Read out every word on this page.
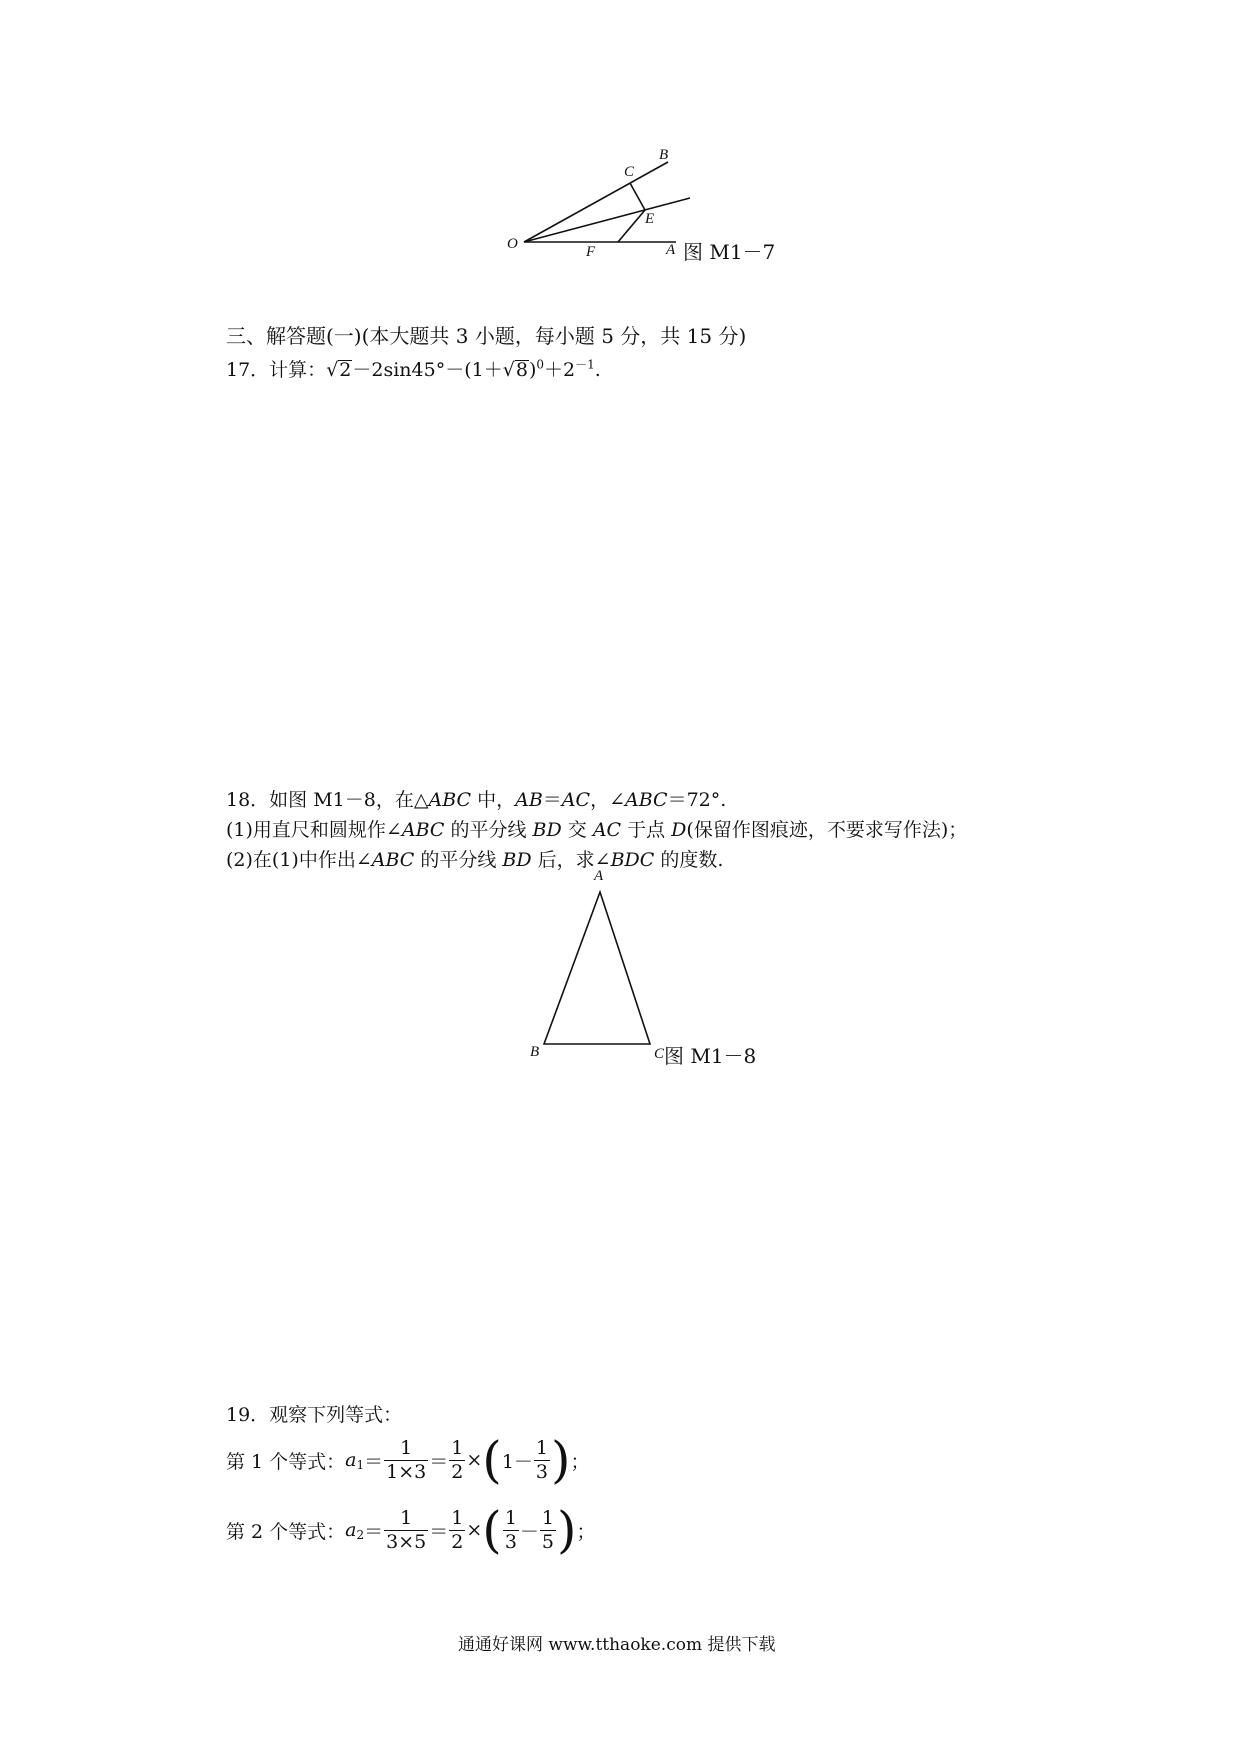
B
C
E
O	F	A 图 M1－7
三、解答题(一)(本大题共 3 小题，每小题 5 分，共 15 分)
17．计算：$√2-2\sin 45^\circ-(1+√8)^0+2^{-1}$.
18．如图 M1－8，在△ABC 中，AB＝AC，∠ABC＝72°.
(1)用直尺和圆规作∠ABC 的平分线 BD 交 AC 于点 D(保留作图痕迹，不要求写作法)；
(2)在(1)中作出∠ABC 的平分线 BD 后，求∠BDC 的度数.
A
B	C 图 M1－8
19．观察下列等式：
第 1 个等式： a $1 = \frac{1}{1\times 3} = \frac{1}{2}$ × ( $1- \frac{1}{3}$ ) ；
第 2 个等式： a $2 = \frac{1}{3\times 5} = \frac{1}{2}$ × ( $\frac{1}{3} - \frac{1}{5}$ ) ；
通通好课网 www.tthaoke.com 提供下载
